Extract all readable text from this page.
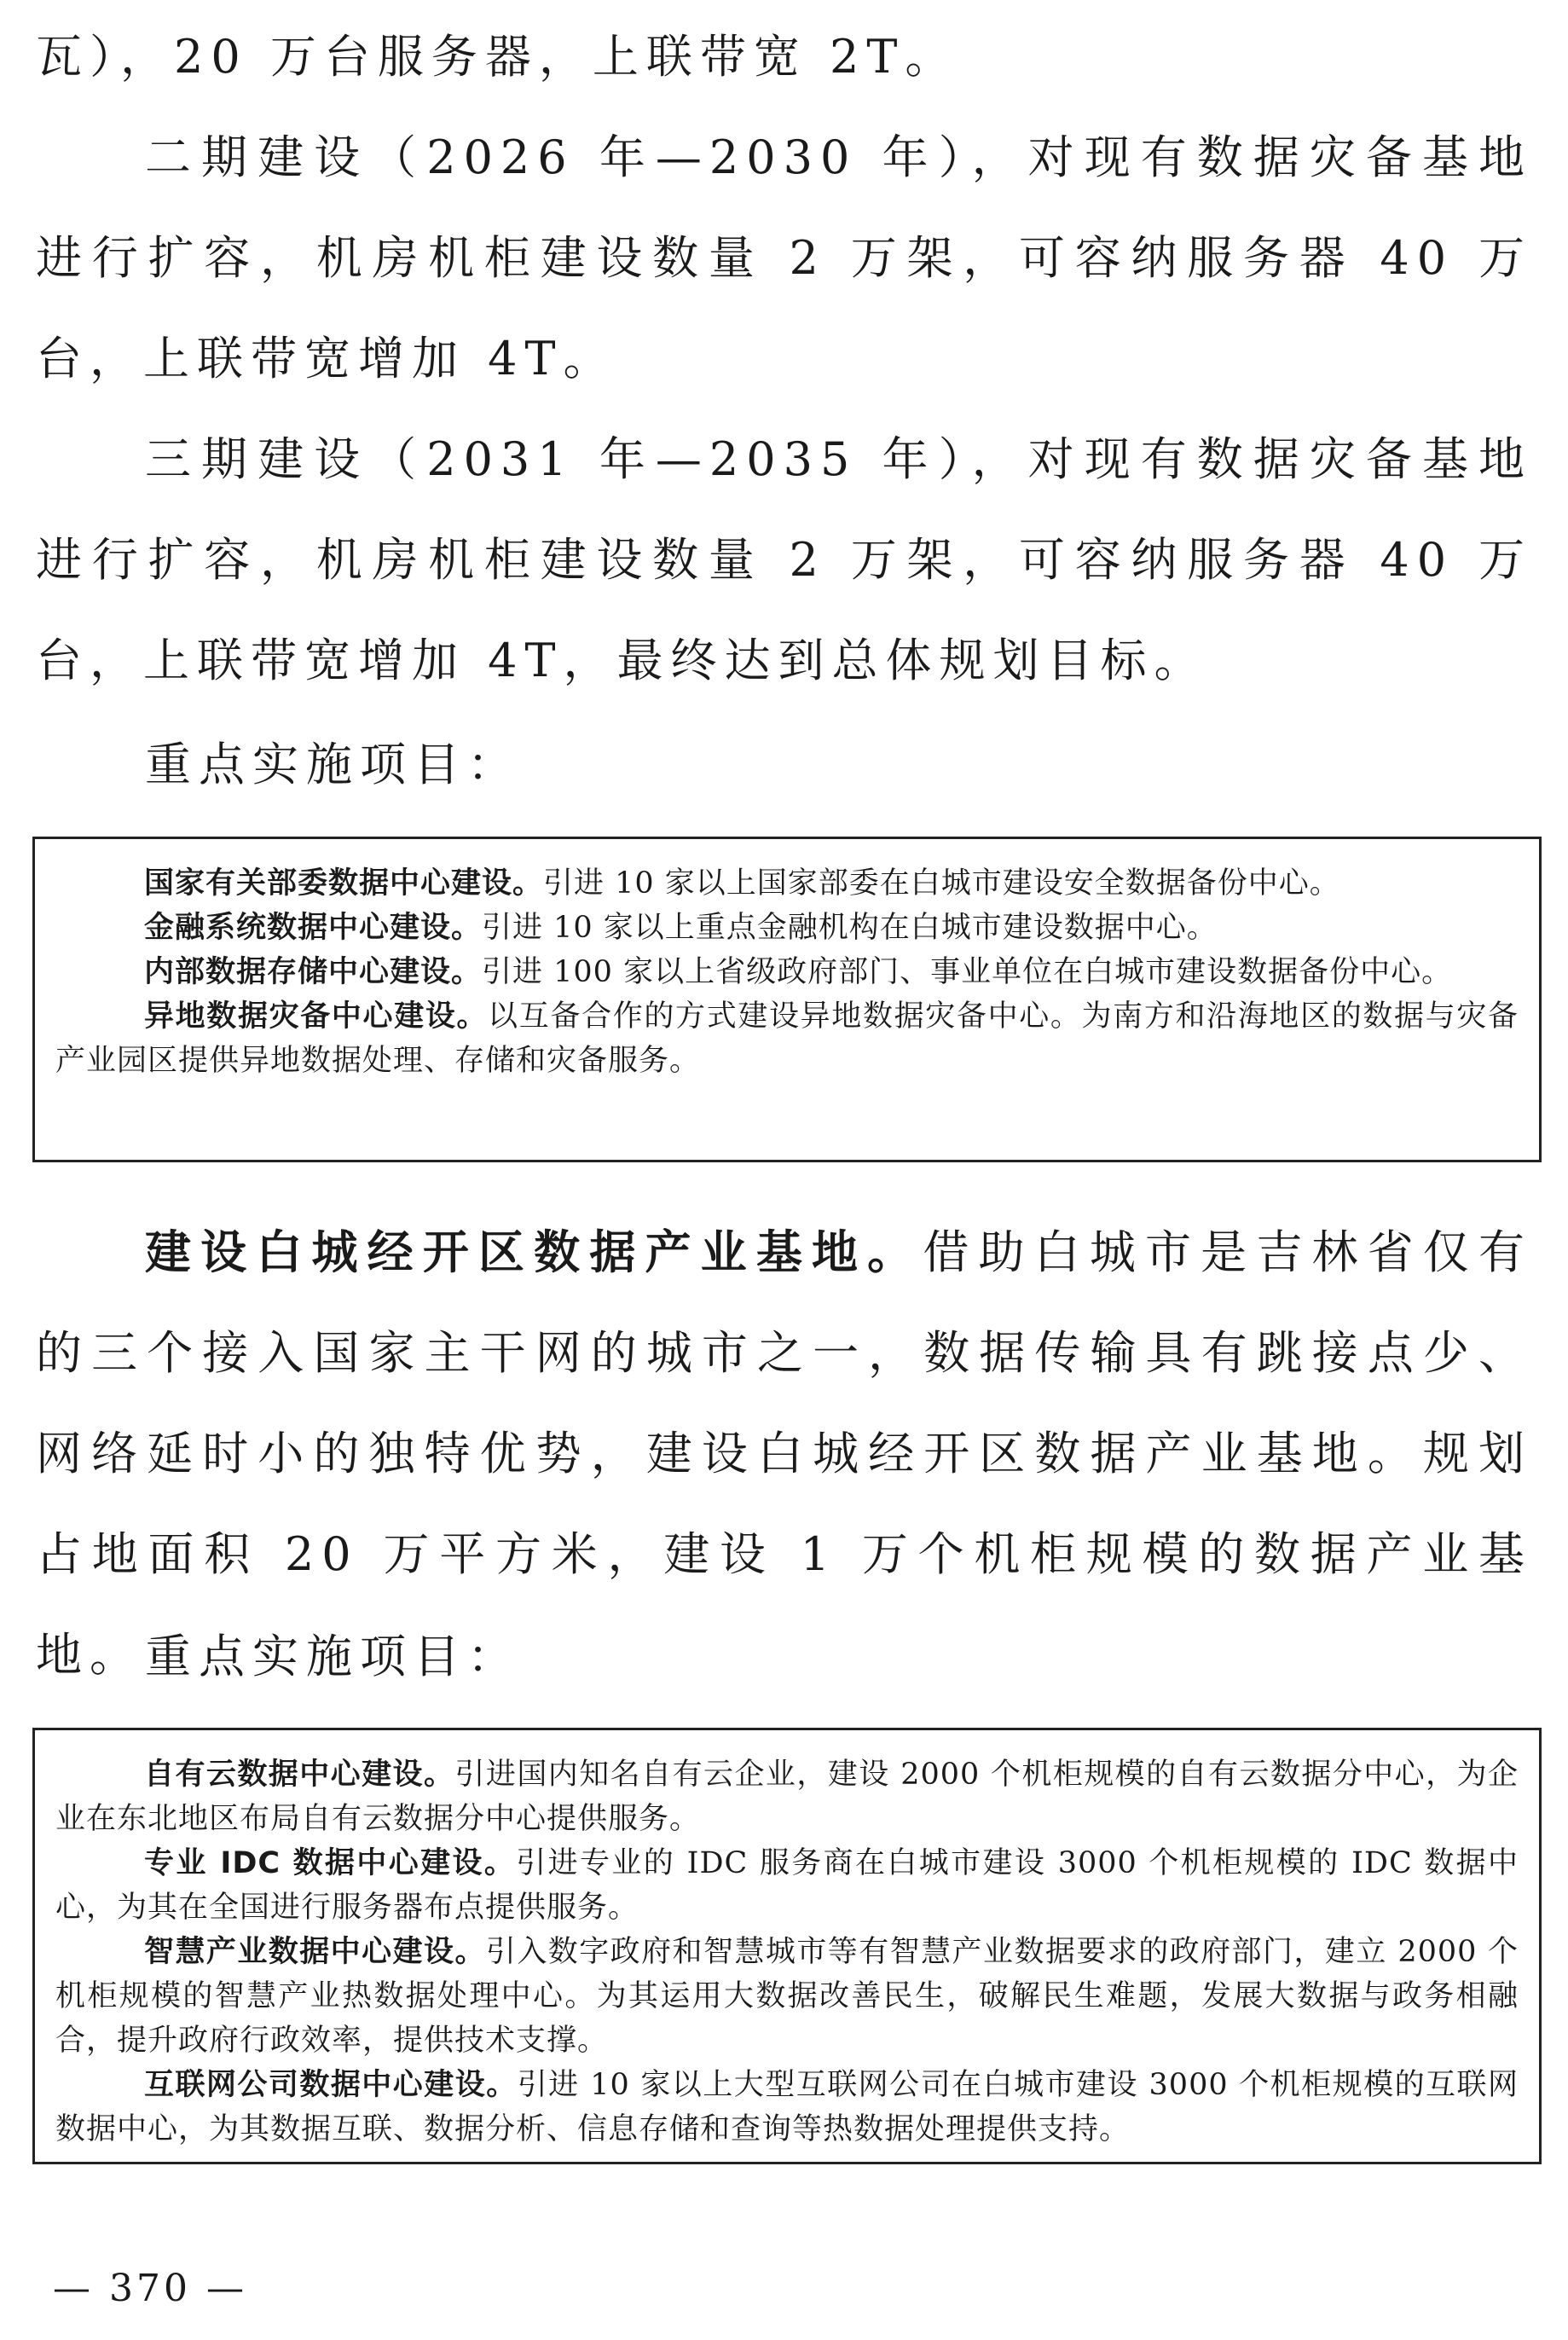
瓦），20 万台服务器，上联带宽 2T。

二期建设（2026 年—2030 年），对现有数据灾备基地进行扩容，机房机柜建设数量 2 万架，可容纳服务器 40 万台，上联带宽增加 4T。

三期建设（2031 年—2035 年），对现有数据灾备基地进行扩容，机房机柜建设数量 2 万架，可容纳服务器 40 万台，上联带宽增加 4T，最终达到总体规划目标。

重点实施项目：

国家有关部委数据中心建设。引进 10 家以上国家部委在白城市建设安全数据备份中心。

金融系统数据中心建设。引进 10 家以上重点金融机构在白城市建设数据中心。

内部数据存储中心建设。引进 100 家以上省级政府部门、事业单位在白城市建设数据备份中心。

异地数据灾备中心建设。以互备合作的方式建设异地数据灾备中心。为南方和沿海地区的数据与灾备产业园区提供异地数据处理、存储和灾备服务。

建设白城经开区数据产业基地。借助白城市是吉林省仅有的三个接入国家主干网的城市之一，数据传输具有跳接点少、网络延时小的独特优势，建设白城经开区数据产业基地。规划占地面积 20 万平方米，建设 1 万个机柜规模的数据产业基地。 重点实施项目：

自有云数据中心建设。引进国内知名自有云企业，建设 2000 个机柜规模的自有云数据分中心，为企业在东北地区布局自有云数据分中心提供服务。

专业 IDC 数据中心建设。引进专业的 IDC 服务商在白城市建设 3000 个机柜规模的 IDC 数据中心，为其在全国进行服务器布点提供服务。

智慧产业数据中心建设。引入数字政府和智慧城市等有智慧产业数据要求的政府部门，建立 2000 个机柜规模的智慧产业热数据处理中心。为其运用大数据改善民生，破解民生难题，发展大数据与政务相融合，提升政府行政效率，提供技术支撑。

互联网公司数据中心建设。引进 10 家以上大型互联网公司在白城市建设 3000 个机柜规模的互联网数据中心，为其数据互联、数据分析、信息存储和查询等热数据处理提供支持。

— 370 —
